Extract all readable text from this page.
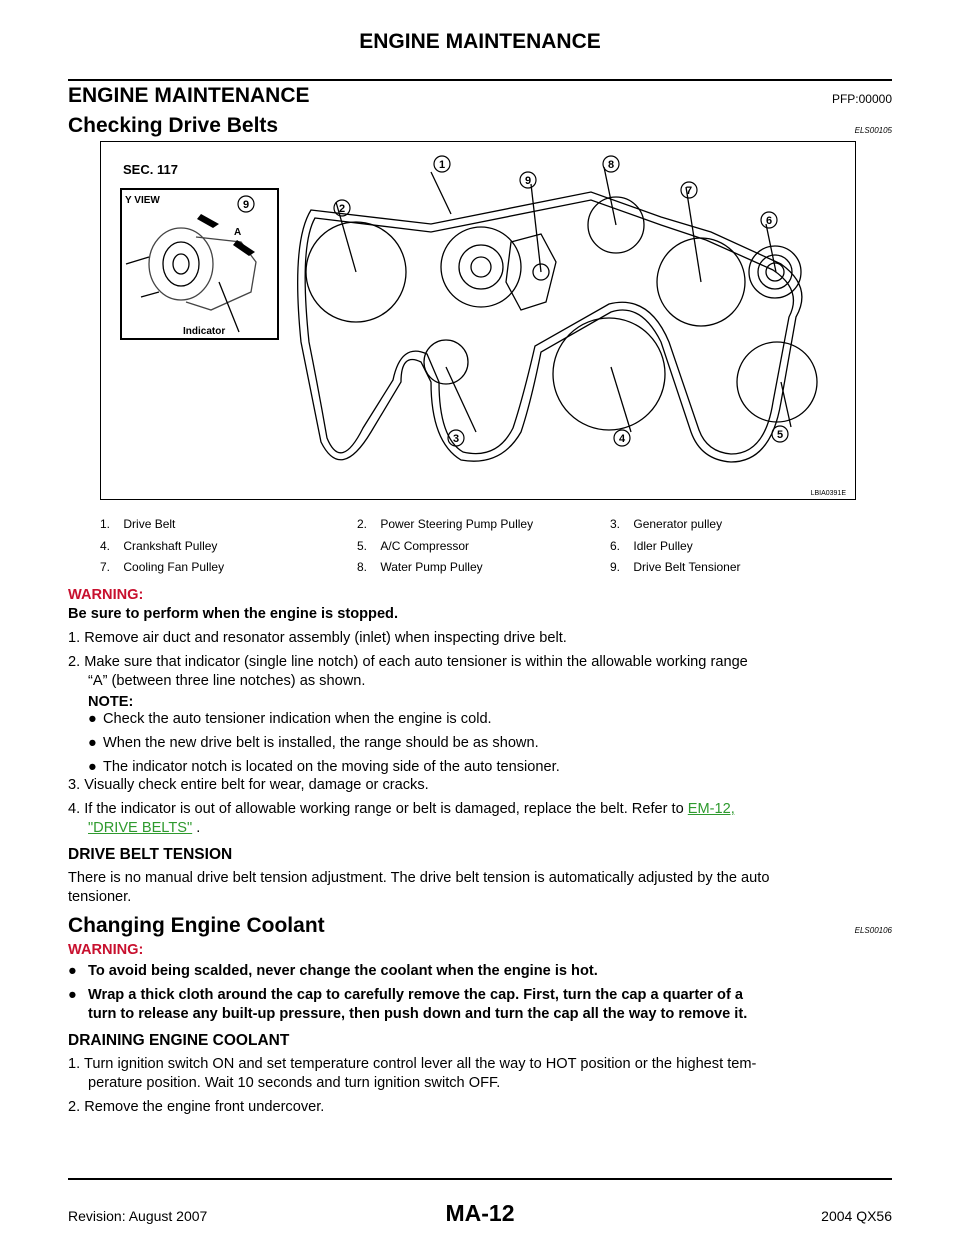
ENGINE MAINTENANCE
ENGINE MAINTENANCE	PFP:00000
Checking Drive Belts	ELS00105
1
2
3	4	5
6
7
8
9
9
SEC. 117
Y VIEW
Indicator
A
LBIA0391E
1. Drive Belt	2. Power Steering Pump Pulley	3. Generator pulley
4. Crankshaft Pulley	5. A/C Compressor	6. Idler Pulley
7. Cooling Fan Pulley	8. Water Pump Pulley	9. Drive Belt Tensioner
WARNING:
Be sure to perform when the engine is stopped.
1. Remove air duct and resonator assembly (inlet) when inspecting drive belt.
2. Make sure that indicator (single line notch) of each auto tensioner is within the allowable working range
“A” (between three line notches) as shown.
NOTE:
● Check the auto tensioner indication when the engine is cold.
● When the new drive belt is installed, the range should be as shown.
● The indicator notch is located on the moving side of the auto tensioner.
3. Visually check entire belt for wear, damage or cracks.
4. If the indicator is out of allowable working range or belt is damaged, replace the belt. Refer to EM-12,
"DRIVE BELTS" .
DRIVE BELT TENSION
There is no manual drive belt tension adjustment. The drive belt tension is automatically adjusted by the auto
tensioner.
Changing Engine Coolant	ELS00106
WARNING:
● To avoid being scalded, never change the coolant when the engine is hot.
● Wrap a thick cloth around the cap to carefully remove the cap. First, turn the cap a quarter of a
turn to release any built-up pressure, then push down and turn the cap all the way to remove it.
DRAINING ENGINE COOLANT
1. Turn ignition switch ON and set temperature control lever all the way to HOT position or the highest tem-
perature position. Wait 10 seconds and turn ignition switch OFF.
2. Remove the engine front undercover.
Revision: August 2007	MA-12	2004 QX56
